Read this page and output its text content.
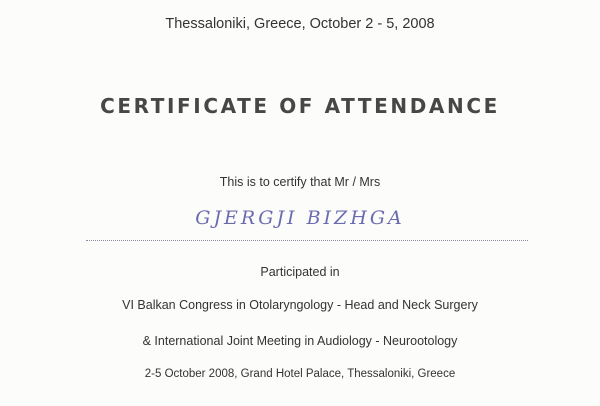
Thessaloniki, Greece, October 2 - 5, 2008
CERTIFICATE OF ATTENDANCE
This is to certify that Mr / Mrs
GJERGJI BIZHGA
Participated in
VI Balkan Congress in Otolaryngology - Head and Neck Surgery
& International Joint Meeting in Audiology - Neurootology
2-5 October 2008, Grand Hotel Palace, Thessaloniki, Greece
